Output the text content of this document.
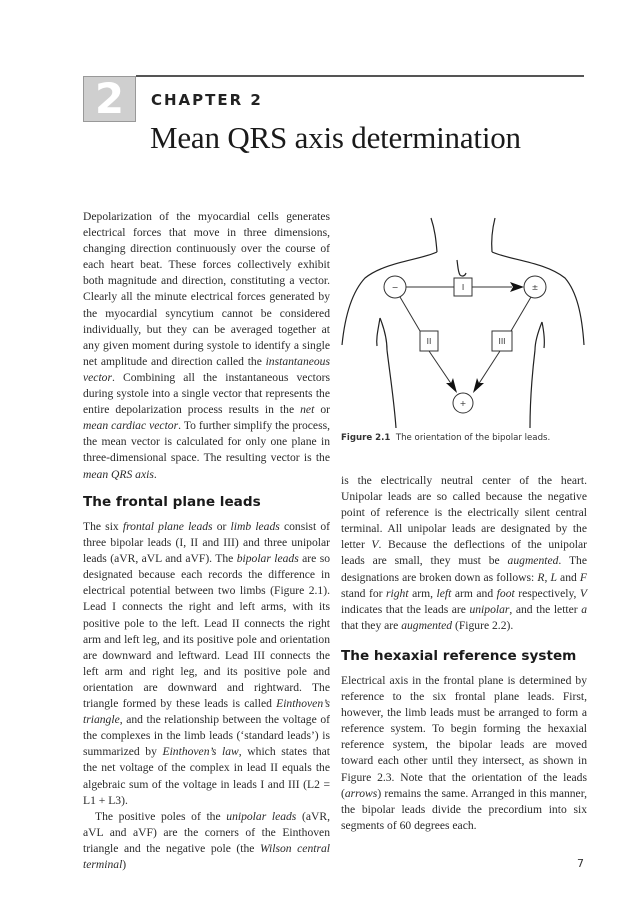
2 CHAPTER 2
Mean QRS axis determination

Depolarization of the myocardial cells generates electrical forces that move in three dimensions, changing direction continuously over the course of each heart beat. These forces collectively exhibit both magnitude and direction, constituting a vector. Clearly all the minute electrical forces generated by the myocardial syncytium cannot be considered individually, but they can be averaged together at any given moment during systole to identify a single net amplitude and direction called the instantaneous vector. Combining all the instantaneous vectors during systole into a single vector that represents the entire depolarization process results in the net or mean cardiac vector. To further simplify the process, the mean vector is calculated for only one plane in three-dimensional space. The resulting vector is the mean QRS axis.

The frontal plane leads

The six frontal plane leads or limb leads consist of three bipolar leads (I, II and III) and three unipolar leads (aVR, aVL and aVF). The bipolar leads are so designated because each records the difference in electrical potential between two limbs (Figure 2.1). Lead I connects the right and left arms, with its positive pole to the left. Lead II connects the right arm and left leg, and its positive pole and orientation are downward and leftward. Lead III connects the left arm and right leg, and its positive pole and orientation are downward and rightward. The triangle formed by these leads is called Einthoven’s triangle, and the relationship between the voltage of the complexes in the limb leads (‘standard leads’) is summarized by Einthoven’s law, which states that the net voltage of the complex in lead II equals the algebraic sum of the voltage in leads I and III (L2 = L1 + L3).

The positive poles of the unipolar leads (aVR, aVL and aVF) are the corners of the Einthoven triangle and the negative pole (the Wilson central terminal)

−	±
+
I
II	III
Figure 2.1 The orientation of the bipolar leads.

is the electrically neutral center of the heart. Unipolar leads are so called because the negative point of reference is the electrically silent central terminal. All unipolar leads are designated by the letter V. Because the deflections of the unipolar leads are small, they must be augmented. The designations are broken down as follows: R, L and F stand for right arm, left arm and foot respectively, V indicates that the leads are unipolar, and the letter a that they are augmented (Figure 2.2).

The hexaxial reference system

Electrical axis in the frontal plane is determined by reference to the six frontal plane leads. First, however, the limb leads must be arranged to form a reference system. To begin forming the hexaxial reference system, the bipolar leads are moved toward each other until they intersect, as shown in Figure 2.3. Note that the orientation of the leads (arrows) remains the same. Arranged in this manner, the bipolar leads divide the precordium into six segments of 60 degrees each.

7
